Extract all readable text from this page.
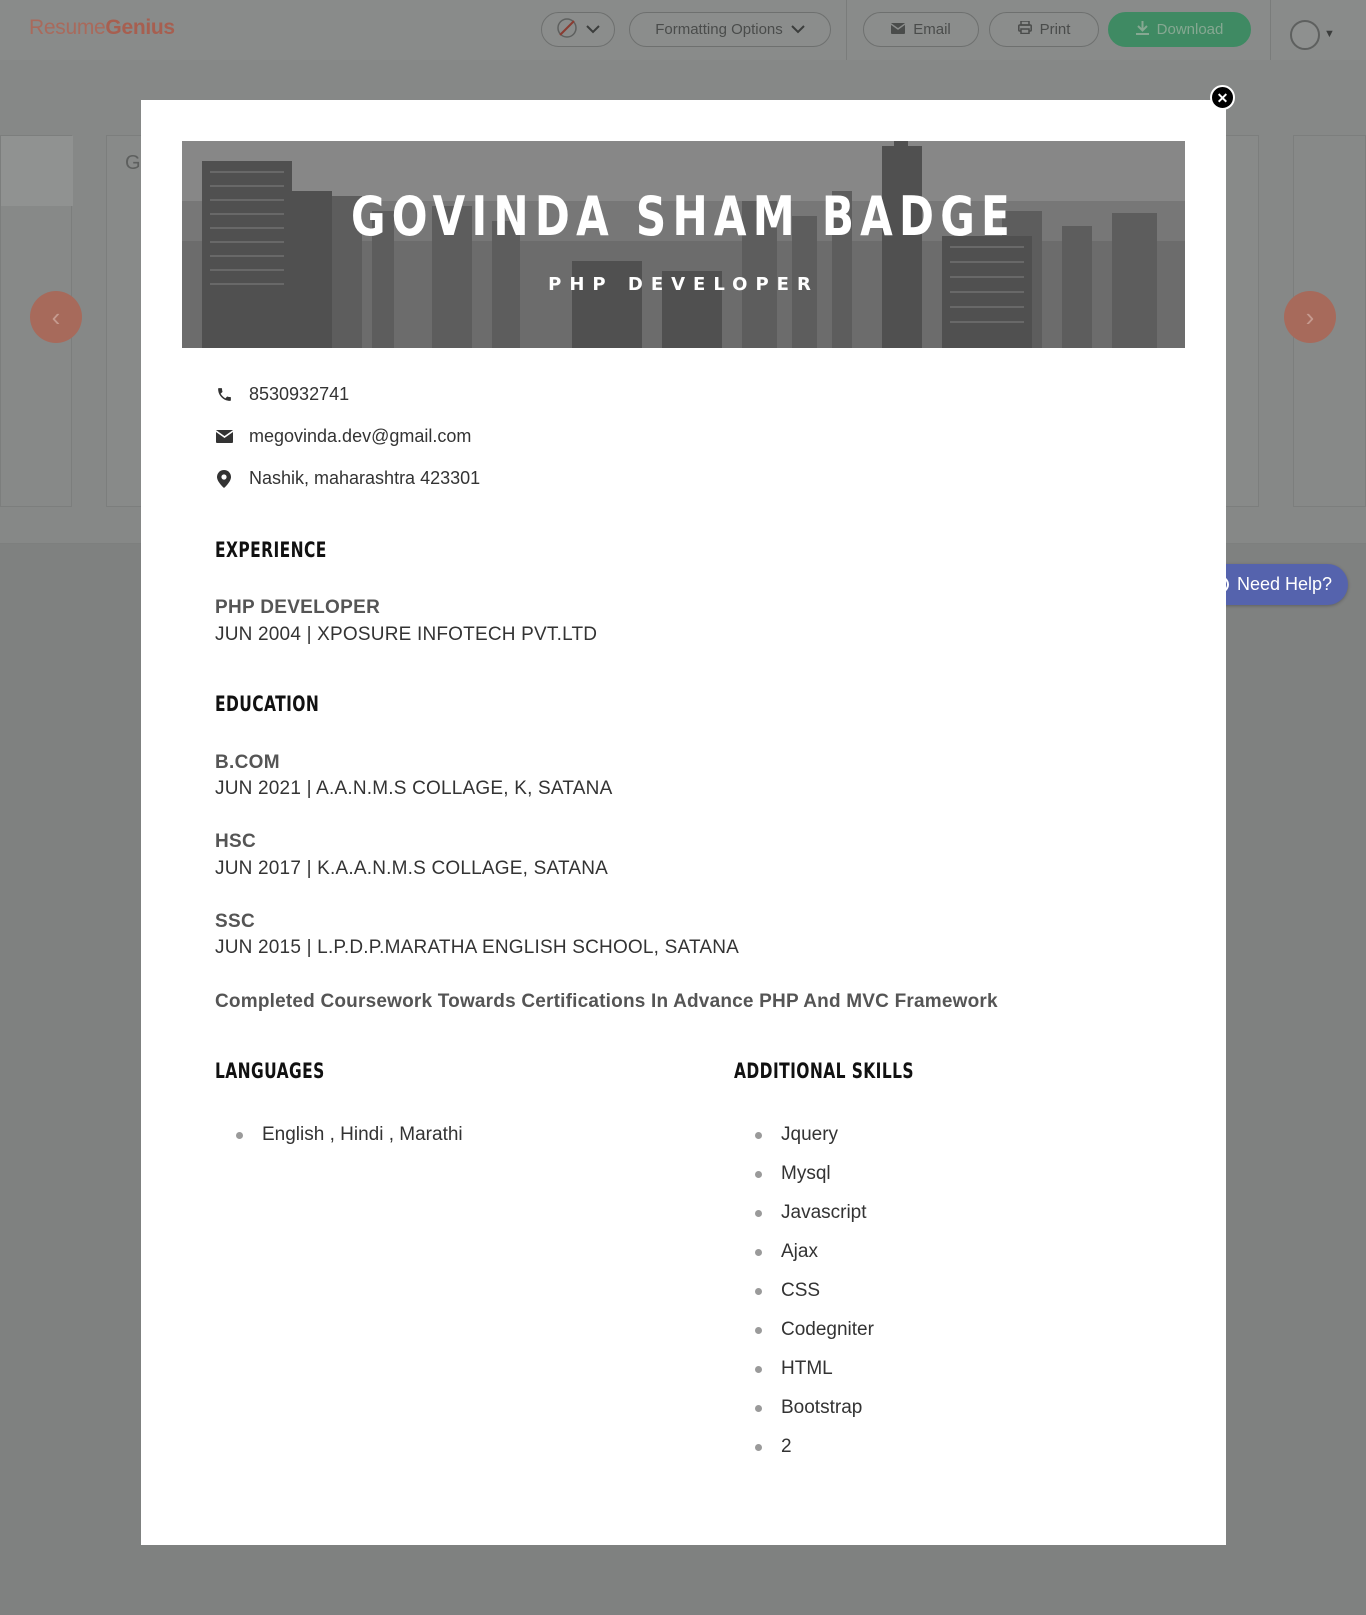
ResumeGenius	Formatting Options	Email	Print	Download	▼
G
‹	›
Need Help?
GOVINDA SHAM BADGE
PHP DEVELOPER
8530932741
megovinda.dev@gmail.com
Nashik, maharashtra 423301
EXPERIENCE
PHP DEVELOPER
JUN 2004 | XPOSURE INFOTECH PVT.LTD
EDUCATION
B.COM
JUN 2021 | A.A.N.M.S COLLAGE, K, SATANA
HSC
JUN 2017 | K.A.A.N.M.S COLLAGE, SATANA
SSC
JUN 2015 | L.P.D.P.MARATHA ENGLISH SCHOOL, SATANA
Completed Coursework Towards Certifications In Advance PHP And MVC Framework
LANGUAGES
English , Hindi , Marathi
ADDITIONAL SKILLS
Jquery
Mysql
Javascript
Ajax
CSS
Codegniter
HTML
Bootstrap
2
✕
